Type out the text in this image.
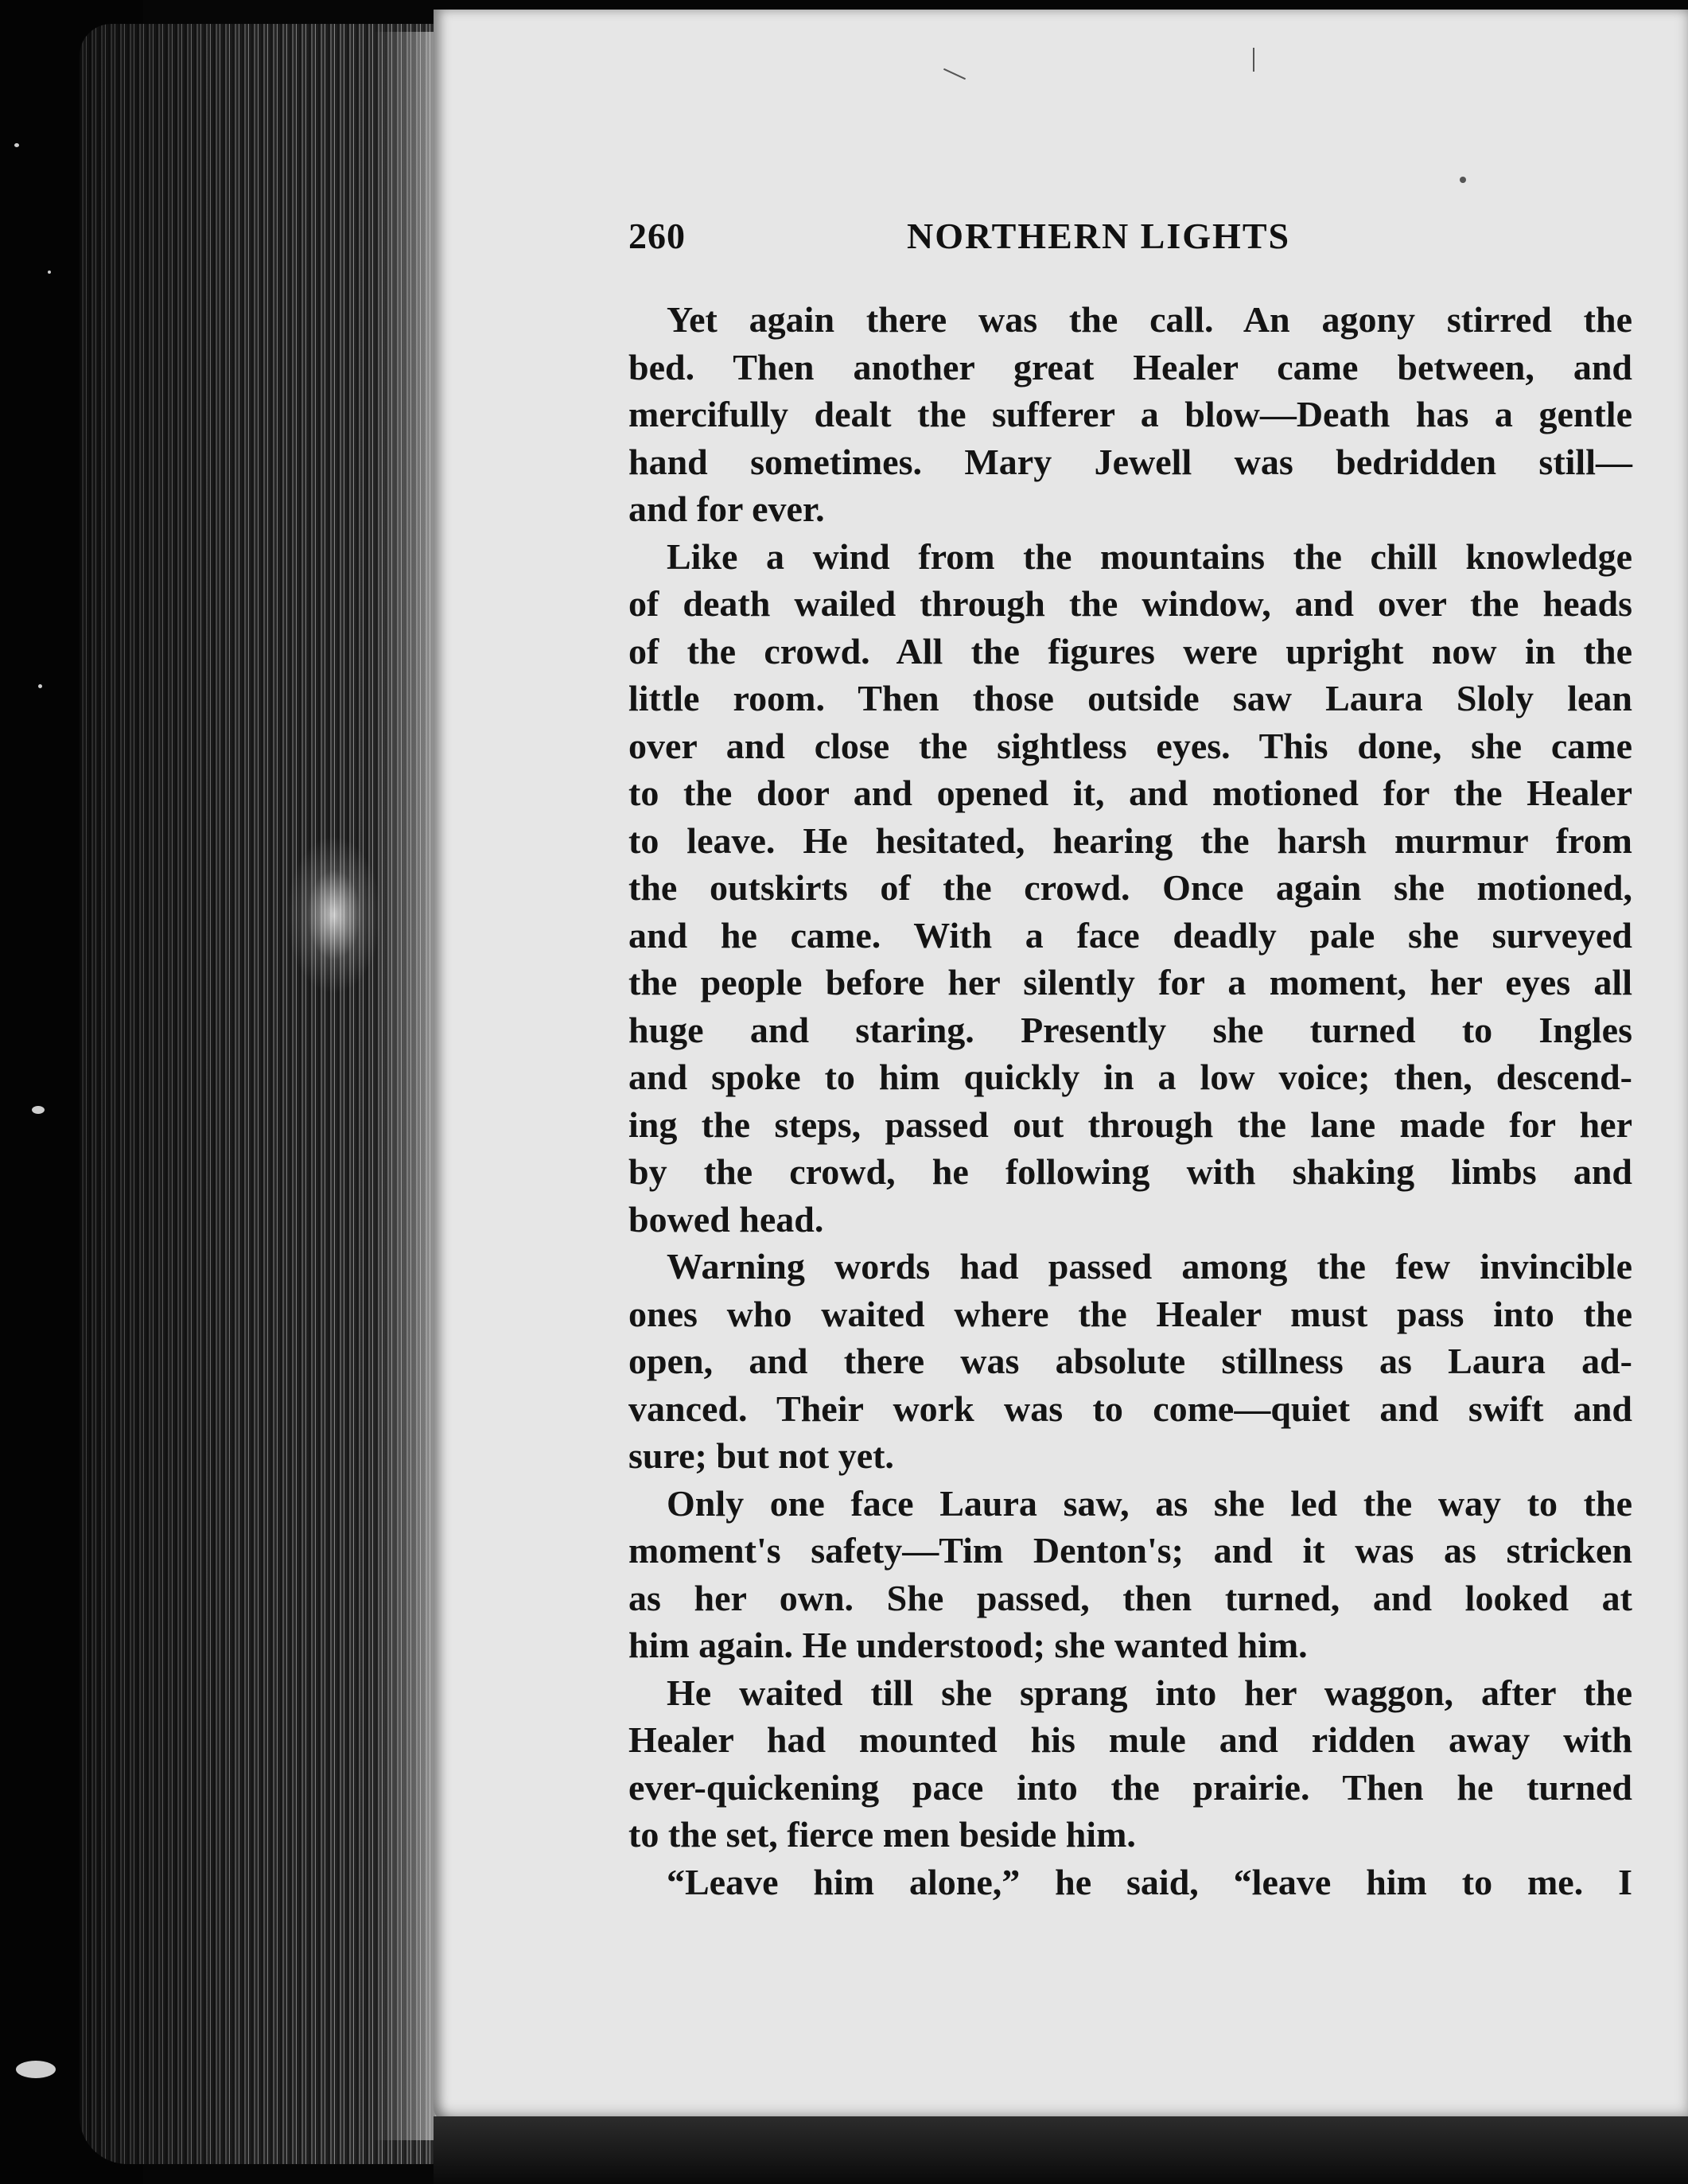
260	NORTHERN LIGHTS
Yet again there was the call. An agony stirred the
bed. Then another great Healer came between, and
mercifully dealt the sufferer a blow—Death has a gentle
hand sometimes. Mary Jewell was bedridden still—
and for ever.
Like a wind from the mountains the chill knowledge
of death wailed through the window, and over the heads
of the crowd. All the figures were upright now in the
little room. Then those outside saw Laura Sloly lean
over and close the sightless eyes. This done, she came
to the door and opened it, and motioned for the Healer
to leave. He hesitated, hearing the harsh murmur from
the outskirts of the crowd. Once again she motioned,
and he came. With a face deadly pale she surveyed
the people before her silently for a moment, her eyes all
huge and staring. Presently she turned to Ingles
and spoke to him quickly in a low voice; then, descend-
ing the steps, passed out through the lane made for her
by the crowd, he following with shaking limbs and
bowed head.
Warning words had passed among the few invincible
ones who waited where the Healer must pass into the
open, and there was absolute stillness as Laura ad-
vanced. Their work was to come—quiet and swift and
sure; but not yet.
Only one face Laura saw, as she led the way to the
moment's safety—Tim Denton's; and it was as stricken
as her own. She passed, then turned, and looked at
him again. He understood; she wanted him.
He waited till she sprang into her waggon, after the
Healer had mounted his mule and ridden away with
ever-quickening pace into the prairie. Then he turned
to the set, fierce men beside him.
“Leave him alone,” he said, “leave him to me. I
